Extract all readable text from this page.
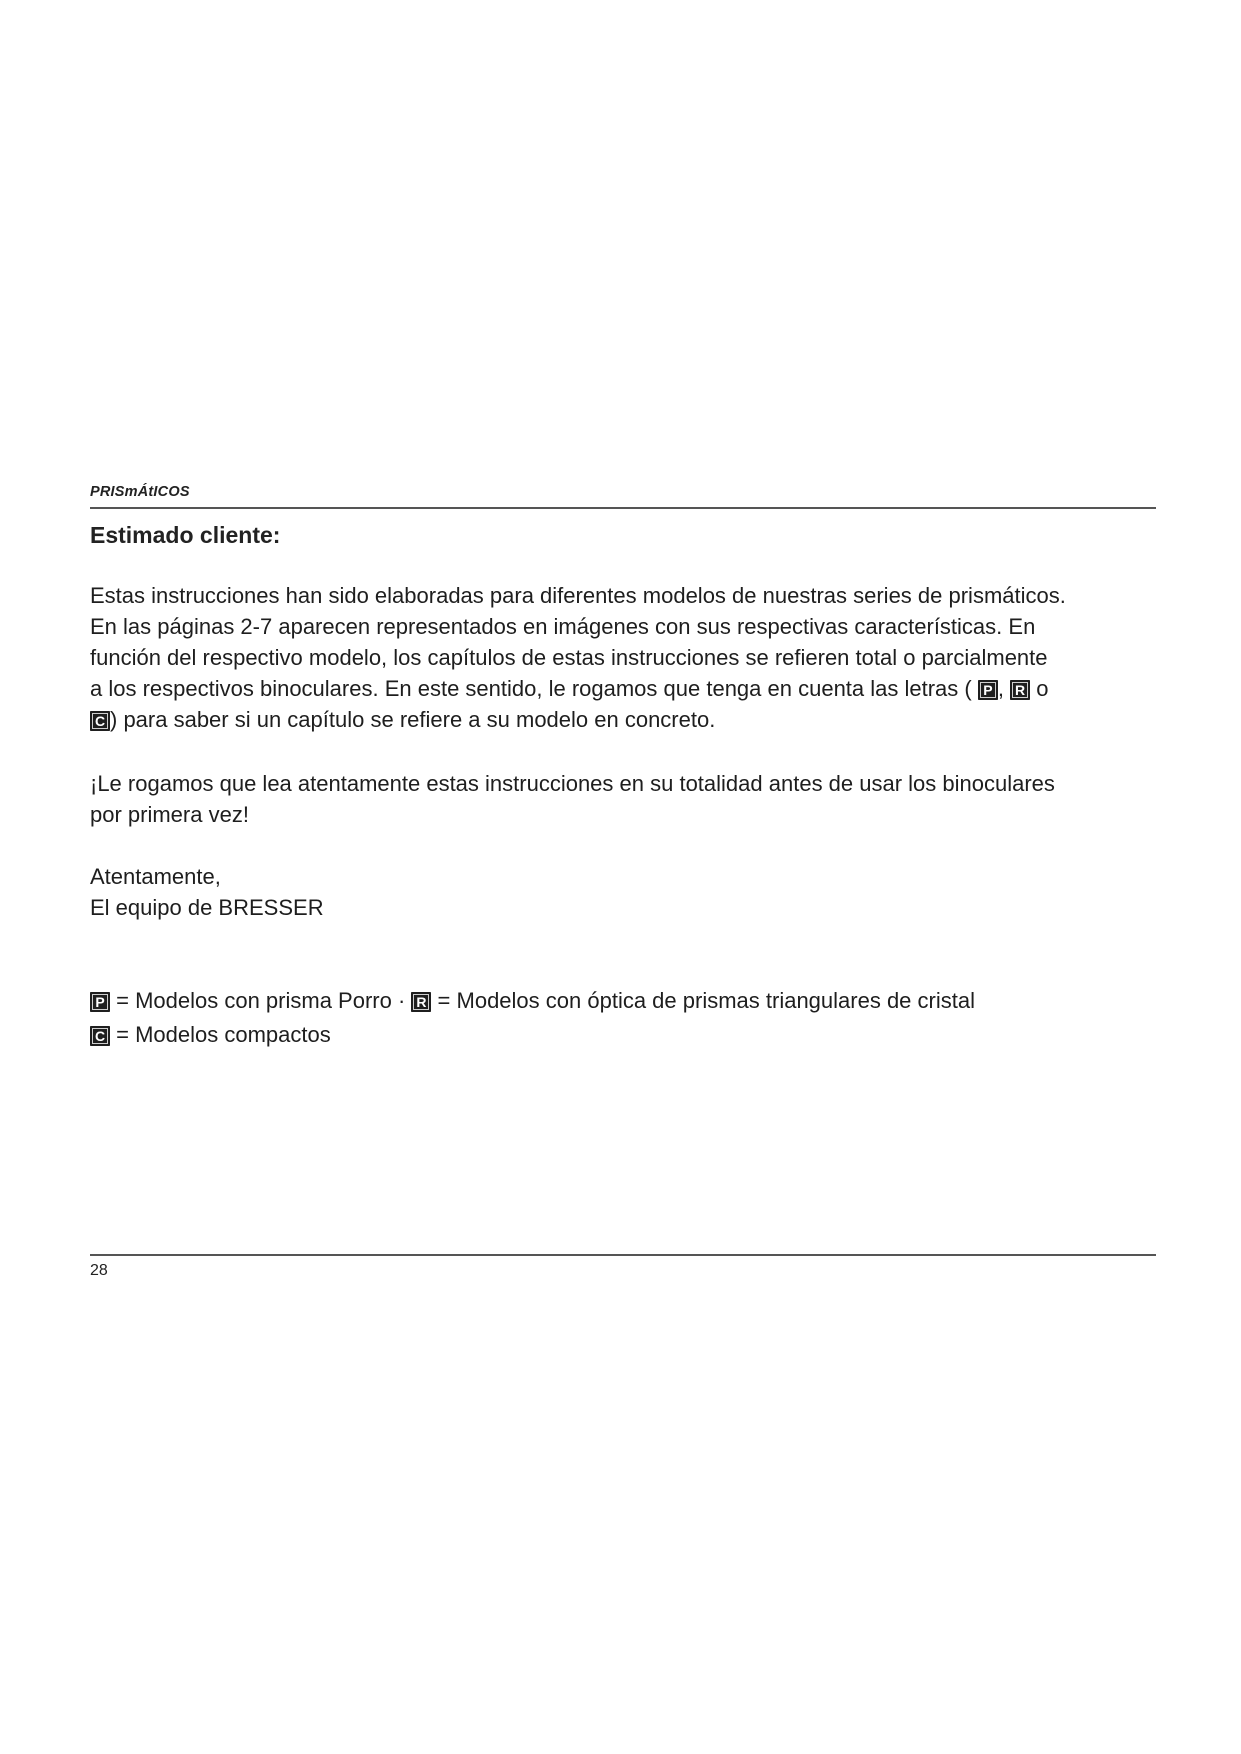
PRISmÁtICOS
Estimado cliente:

Estas instrucciones han sido elaboradas para diferentes modelos de nuestras series de prismáticos.
En las páginas 2-7 aparecen representados en imágenes con sus respectivas características. En
función del respectivo modelo, los capítulos de estas instrucciones se refieren total o parcialmente
a los respectivos binoculares. En este sentido, le rogamos que tenga en cuenta las letras ( P , R o
C ) para saber si un capítulo se refiere a su modelo en concreto.

¡Le rogamos que lea atentamente estas instrucciones en su totalidad antes de usar los binoculares
por primera vez!

Atentamente,
El equipo de BRESSER

P = Modelos con prisma Porro · R = Modelos con óptica de prismas triangulares de cristal
C = Modelos compactos

28
